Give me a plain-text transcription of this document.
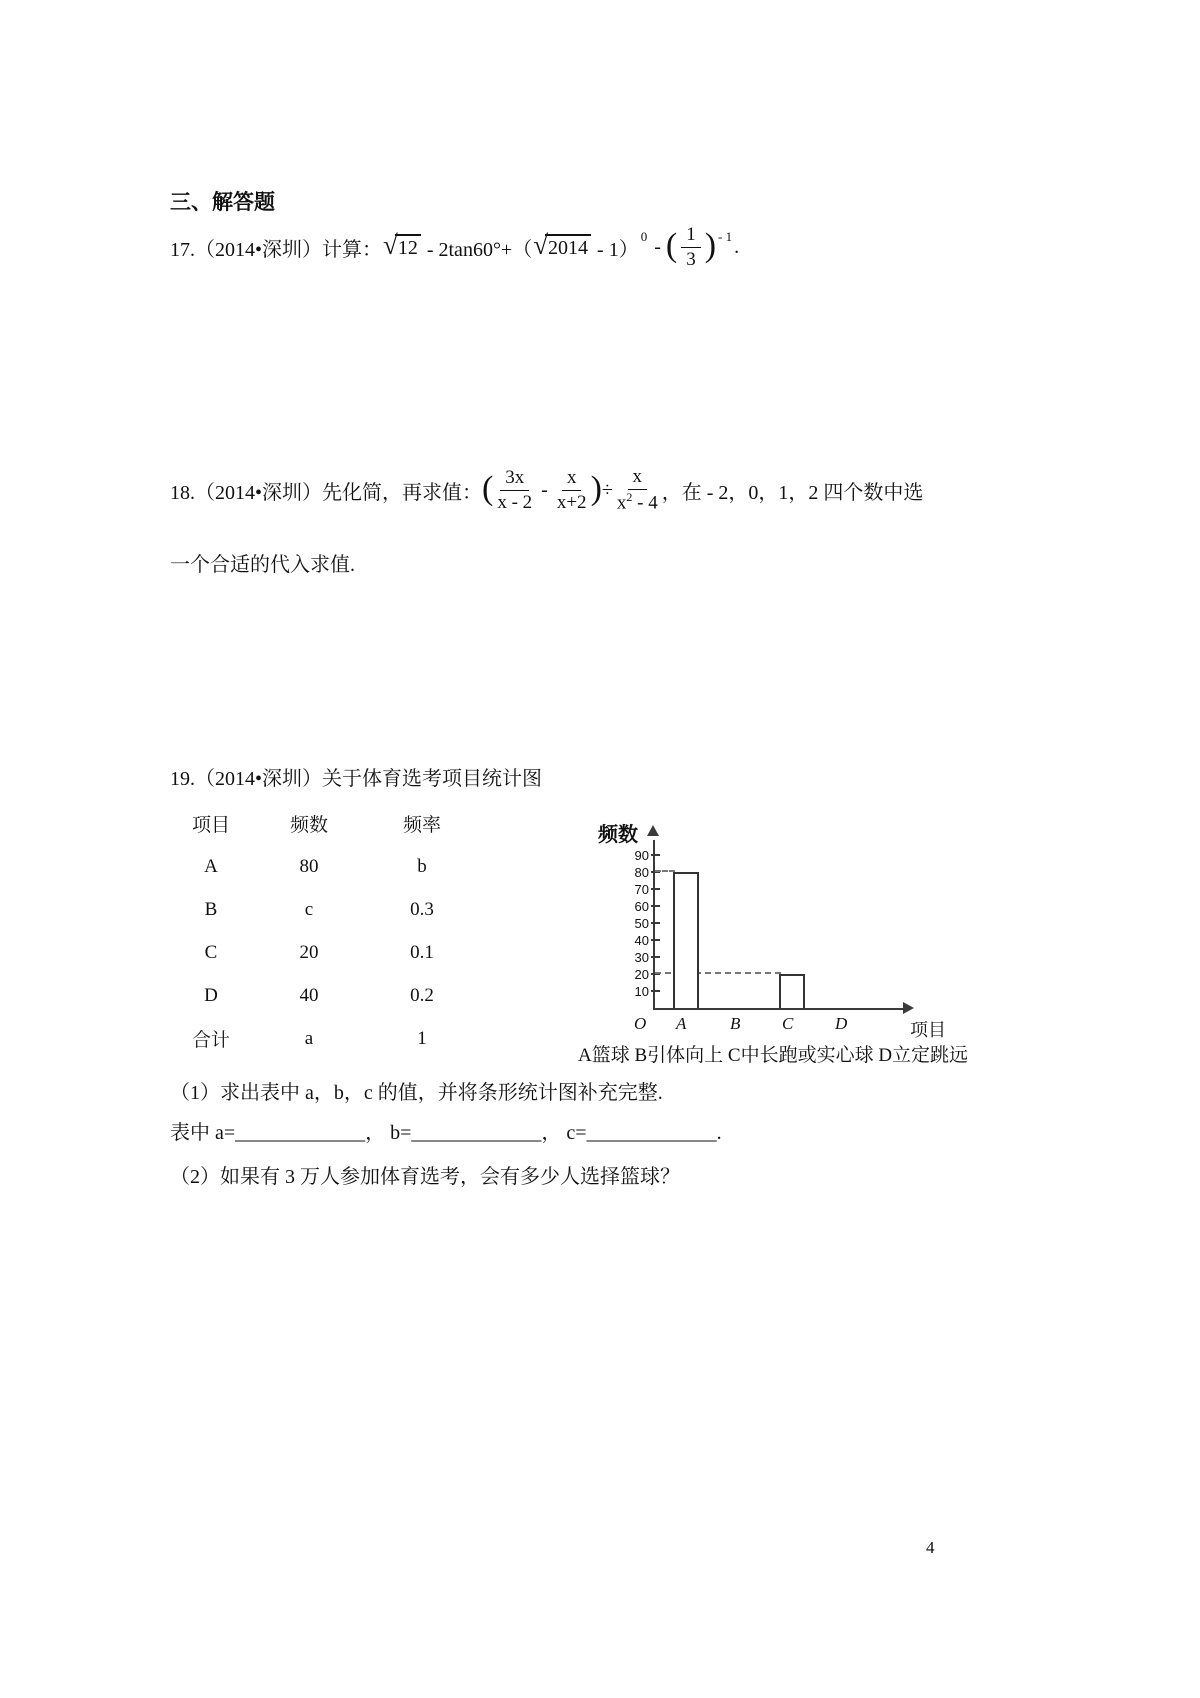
三、解答题
17.（2014•深圳）计算： √ 12 - 2tan60°+（ √ 2014 - 1）
0 - ( $\frac{1}{3}$ ) - 1 .
18.（2014•深圳）先化简，再求值： ( $\frac{3x}{x - 2} - \frac{x}{x+2}$ ) ÷ $\frac{x}{x^2 - 4}$ ，在 - 2，0，1，2 四个数中选
一个合适的代入求值.
19.（2014•深圳）关于体育选考项目统计图
项目	频数	频率
A	80	b
B	c	0.3
C	20	0.1
D	40	0.2
合计	a	1
频数
10
20
30
40
50
60
70
80
90
O A	B C D	项目
A篮球 B引体向上 C中长跑或实心球 D立定跳远
（1）求出表中 a，b，c 的值，并将条形统计图补充完整.
表中 a=_____________， b=_____________， c=_____________.
（2）如果有 3 万人参加体育选考，会有多少人选择篮球？
4
